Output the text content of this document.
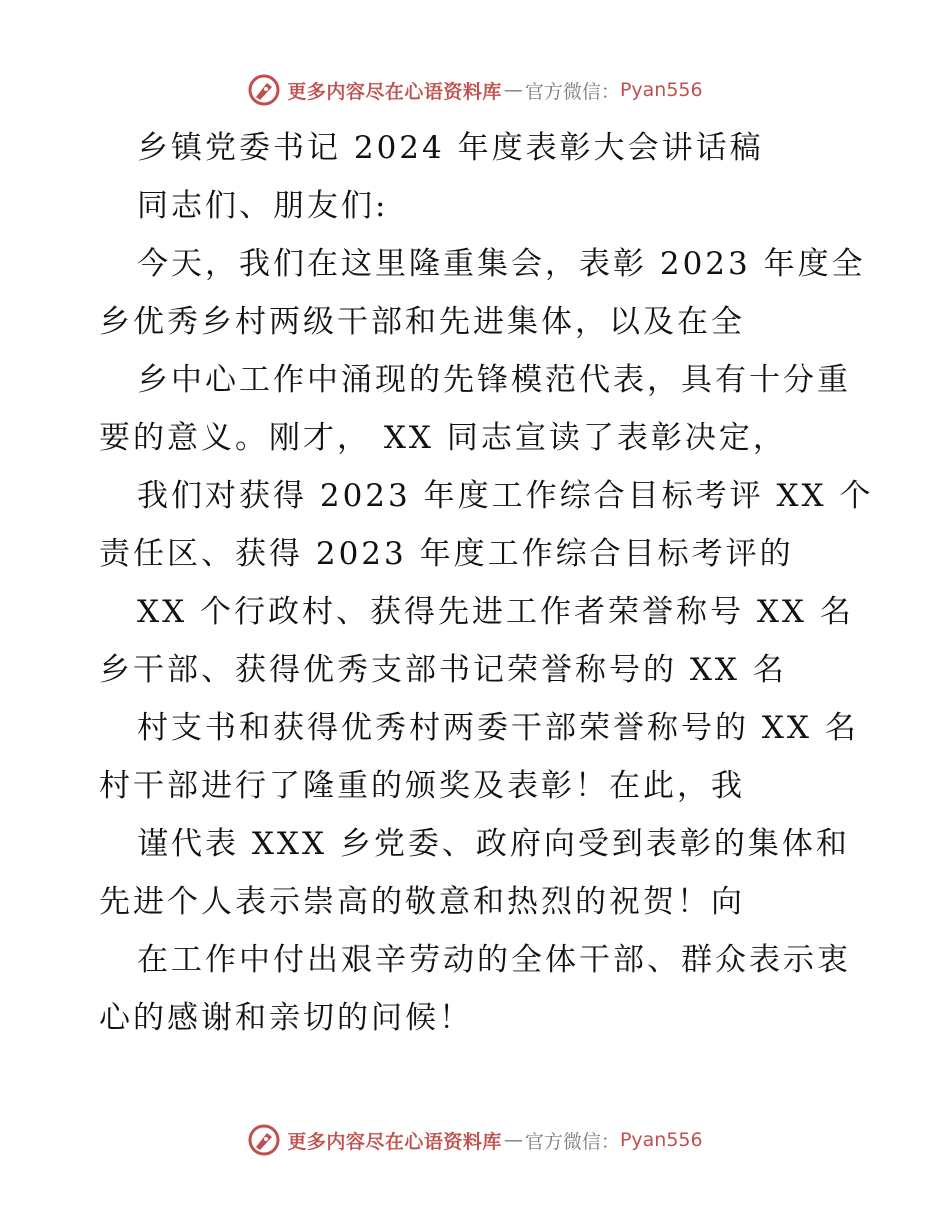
更多内容尽在心语资料库 — 官方微信： Pyan556
乡镇党委书记 2024 年度表彰大会讲话稿
同志们、朋友们:
今天，我们在这里隆重集会，表彰 2023 年度全
乡优秀乡村两级干部和先进集体，以及在全
乡中心工作中涌现的先锋模范代表，具有十分重
要的意义。刚才， XX 同志宣读了表彰决定，
我们对获得 2023 年度工作综合目标考评 XX 个
责任区、获得 2023 年度工作综合目标考评的
XX 个行政村、获得先进工作者荣誉称号 XX 名
乡干部、获得优秀支部书记荣誉称号的 XX 名
村支书和获得优秀村两委干部荣誉称号的 XX 名
村干部进行了隆重的颁奖及表彰！在此，我
谨代表 XXX 乡党委、政府向受到表彰的集体和
先进个人表示崇高的敬意和热烈的祝贺！向
在工作中付出艰辛劳动的全体干部、群众表示衷
心的感谢和亲切的问候！
更多内容尽在心语资料库 — 官方微信： Pyan556
